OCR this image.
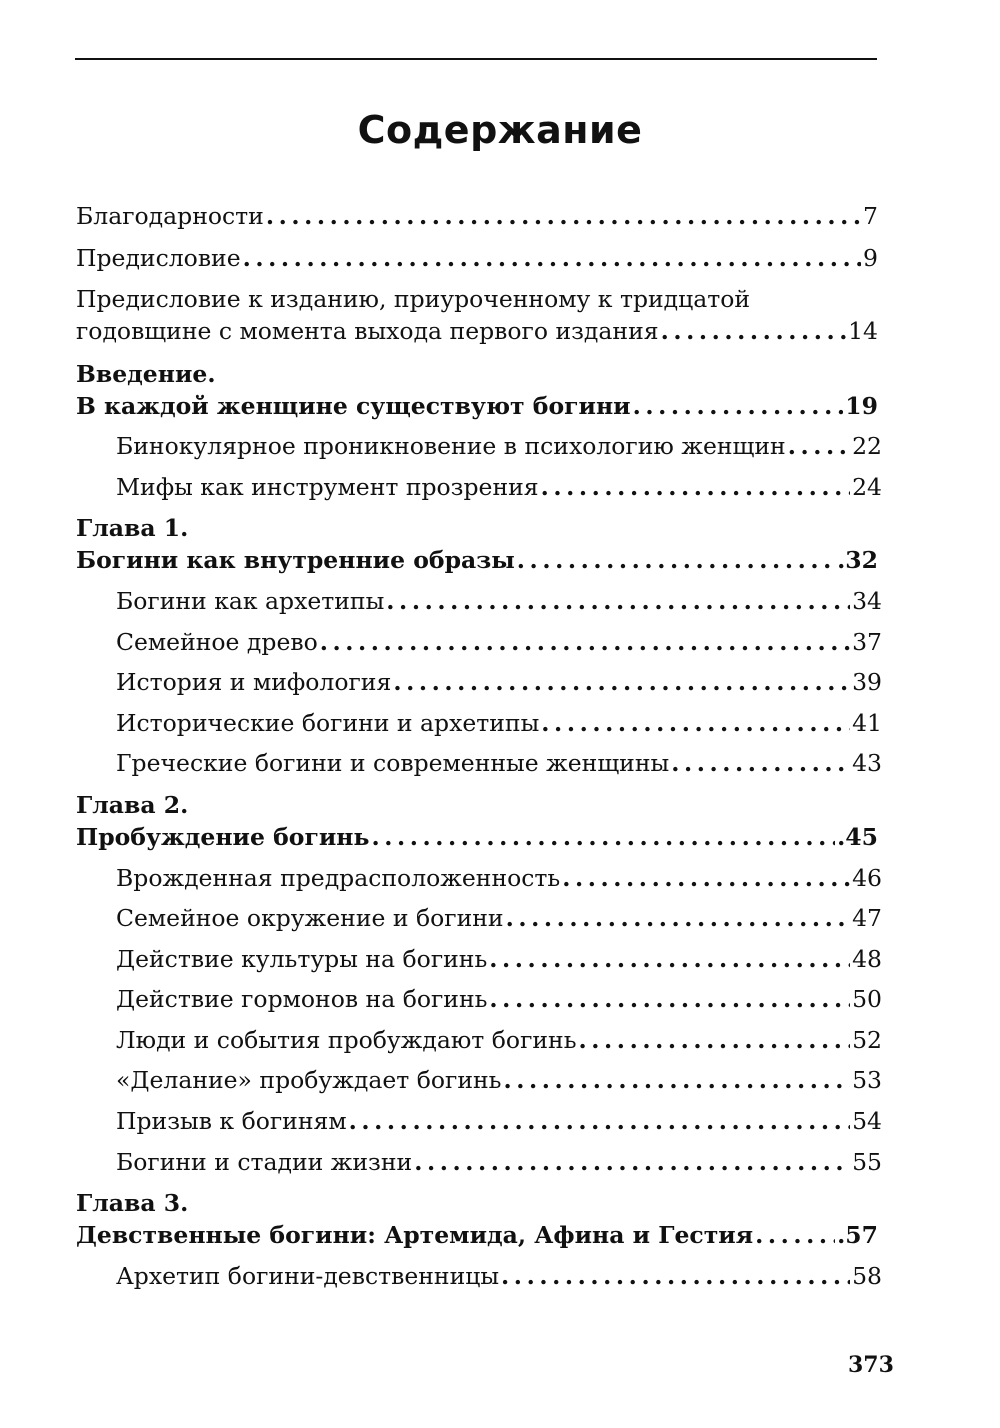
Содержание
Благодарности . . .	7
Предисловие . . .	9
Предисловие к изданию, приуроченному к тридцатой
годовщине с момента выхода первого издания . . .	14
Введение.
В каждой женщине существуют богини . . .	19
Бинокулярное проникновение в психологию женщин . . .	22
Мифы как инструмент прозрения . . .	24
Глава 1.
Богини как внутренние образы . . .	.32
Богини как архетипы . . .	34
Семейное древо . . .	37
История и мифология . . .	39
Исторические богини и архетипы . . .	41
Греческие богини и современные женщины . . .	43
Глава 2.
Пробуждение богинь . . .	.45
Врожденная предрасположенность . . .	46
Семейное окружение и богини . . .	47
Действие культуры на богинь . . .	48
Действие гормонов на богинь . . .	50
Люди и события пробуждают богинь . . .	52
«Делание» пробуждает богинь . . .	53
Призыв к богиням . . .	54
Богини и стадии жизни . . .	55
Глава 3.
Девственные богини: Артемида, Афина и Гестия . . .	.57
Архетип богини-девственницы . . .	58
373
